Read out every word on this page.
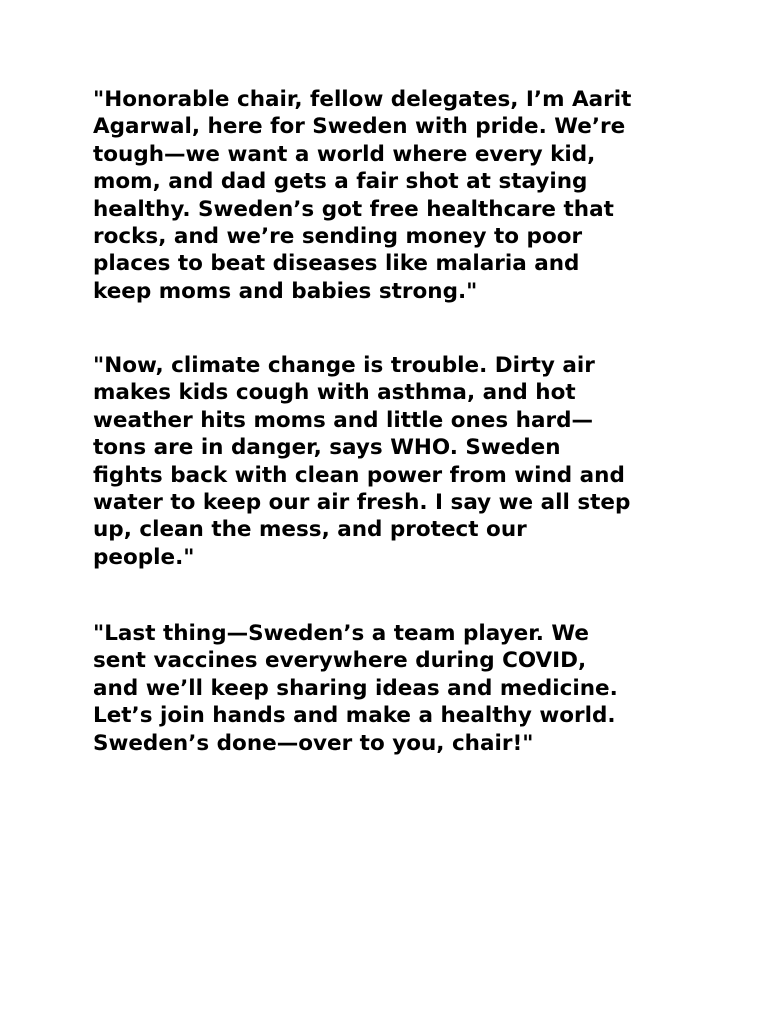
"Honorable chair, fellow delegates, I’m Aarit
Agarwal, here for Sweden with pride. We’re
tough—we want a world where every kid,
mom, and dad gets a fair shot at staying
healthy. Sweden’s got free healthcare that
rocks, and we’re sending money to poor
places to beat diseases like malaria and
keep moms and babies strong."

"Now, climate change is trouble. Dirty air
makes kids cough with asthma, and hot
weather hits moms and little ones hard—
tons are in danger, says WHO. Sweden
fights back with clean power from wind and
water to keep our air fresh. I say we all step
up, clean the mess, and protect our
people."

"Last thing—Sweden’s a team player. We
sent vaccines everywhere during COVID,
and we’ll keep sharing ideas and medicine.
Let’s join hands and make a healthy world.
Sweden’s done—over to you, chair!"
